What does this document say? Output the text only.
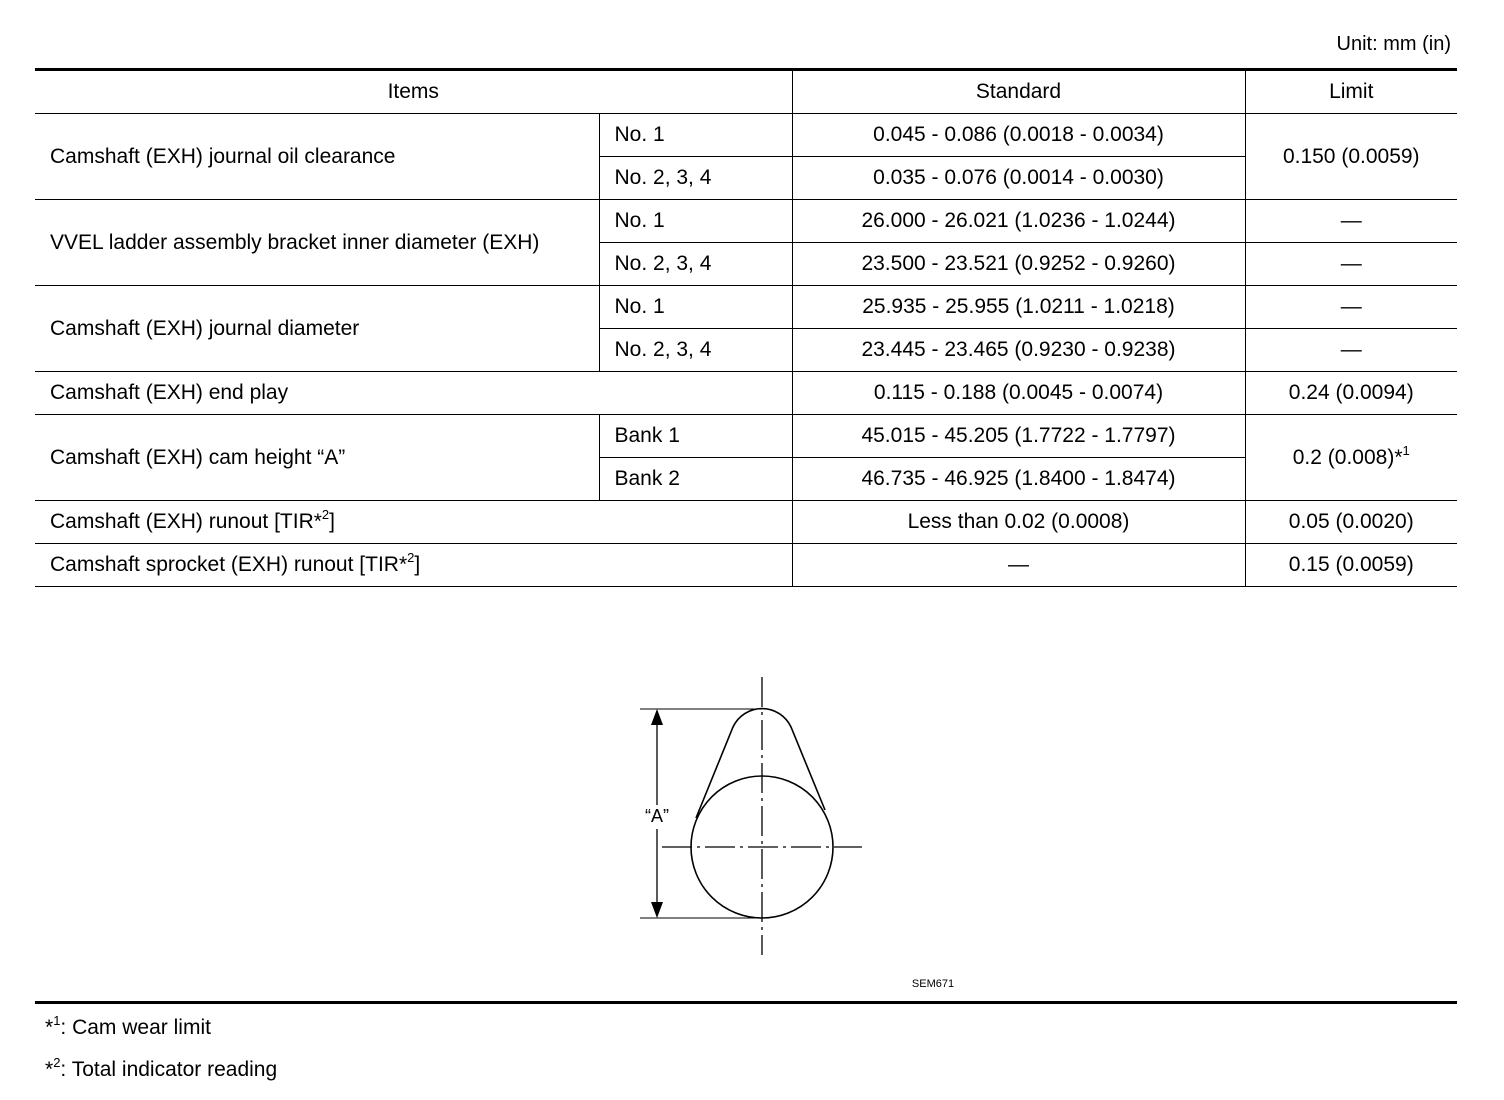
Unit: mm (in)
Items		Standard	Limit
Camshaft (EXH) journal oil clearance	No. 1	0.045 - 0.086 (0.0018 - 0.0034)	0.150 (0.0059)
	No. 2, 3, 4	0.035 - 0.076 (0.0014 - 0.0030)	
VVEL ladder assembly bracket inner diameter (EXH)	No. 1	26.000 - 26.021 (1.0236 - 1.0244)	—
	No. 2, 3, 4	23.500 - 23.521 (0.9252 - 0.9260)	—
Camshaft (EXH) journal diameter	No. 1	25.935 - 25.955 (1.0211 - 1.0218)	—
	No. 2, 3, 4	23.445 - 23.465 (0.9230 - 0.9238)	—
Camshaft (EXH) end play		0.115 - 0.188 (0.0045 - 0.0074)	0.24 (0.0094)
Camshaft (EXH) cam height “A”	Bank 1	45.015 - 45.205 (1.7722 - 1.7797)	0.2 (0.008)*$^1$
	Bank 2	46.735 - 46.925 (1.8400 - 1.8474)	
Camshaft (EXH) runout [TIR*$^2$]		Less than 0.02 (0.0008)	0.05 (0.0020)
Camshaft sprocket (EXH) runout [TIR*$^2$]		—	0.15 (0.0059)
“A”
SEM671
*$^1$: Cam wear limit
*$^2$: Total indicator reading
